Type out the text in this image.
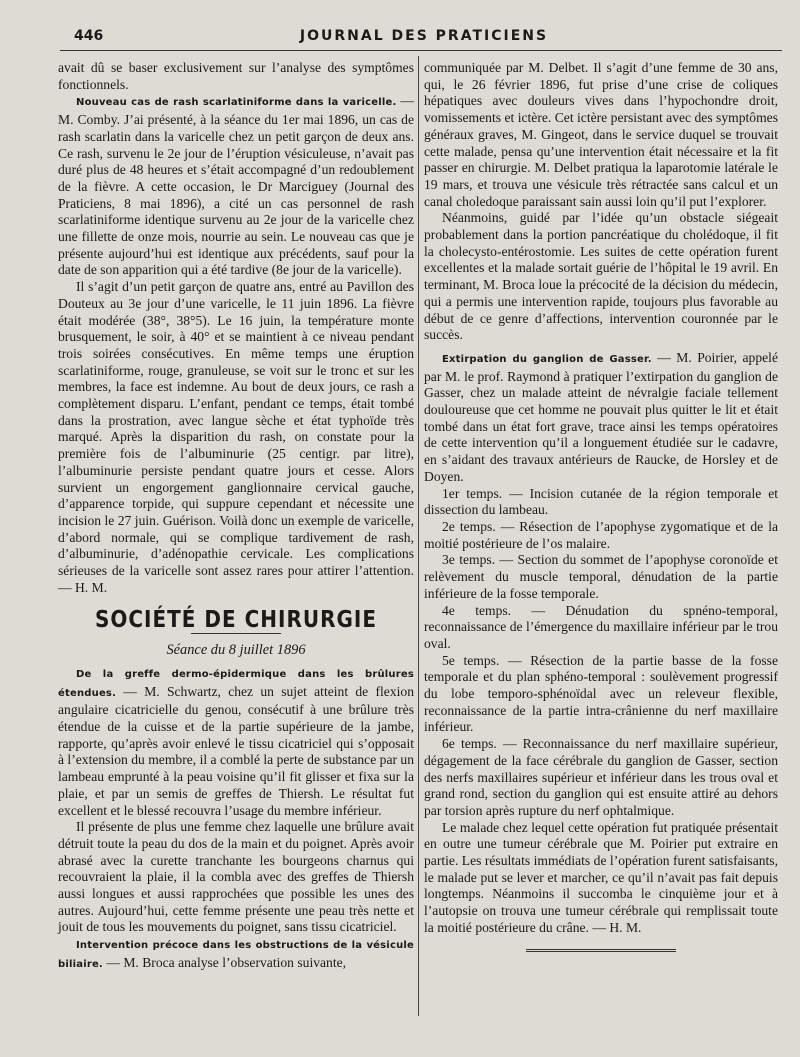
446	JOURNAL DES PRATICIENS

avait dû se baser exclusivement sur l’analyse des symptômes fonctionnels.

Nouveau cas de rash scarlatiniforme dans la varicelle. — M. Comby. J’ai présenté, à la séance du 1er mai 1896, un cas de rash scarlatin dans la varicelle chez un petit garçon de deux ans. Ce rash, survenu le 2e jour de l’éruption vésiculeuse, n’avait pas duré plus de 48 heures et s’était accompagné d’un redoublement de la fièvre. A cette occasion, le Dr Marciguey (Journal des Praticiens, 8 mai 1896), a cité un cas personnel de rash scarlatiniforme identique survenu au 2e jour de la varicelle chez une fillette de onze mois, nourrie au sein. Le nouveau cas que je présente aujourd’hui est identique aux précédents, sauf pour la date de son apparition qui a été tardive (8e jour de la varicelle).

Il s’agit d’un petit garçon de quatre ans, entré au Pavillon des Douteux au 3e jour d’une varicelle, le 11 juin 1896. La fièvre était modérée (38°, 38°5). Le 16 juin, la température monte brusquement, le soir, à 40° et se maintient à ce niveau pendant trois soirées consécutives. En même temps une éruption scarlatiniforme, rouge, granuleuse, se voit sur le tronc et sur les membres, la face est indemne. Au bout de deux jours, ce rash a complètement disparu. L’enfant, pendant ce temps, était tombé dans la prostration, avec langue sèche et état typhoïde très marqué. Après la disparition du rash, on constate pour la première fois de l’albuminurie (25 centigr. par litre), l’albuminurie persiste pendant quatre jours et cesse. Alors survient un engorgement ganglionnaire cervical gauche, d’apparence torpide, qui suppure cependant et nécessite une incision le 27 juin. Guérison. Voilà donc un exemple de varicelle, d’abord normale, qui se complique tardivement de rash, d’albuminurie, d’adénopathie cervicale. Les complications sérieuses de la varicelle sont assez rares pour attirer l’attention. — H. M.

SOCIÉTÉ DE CHIRURGIE
Séance du 8 juillet 1896

De la greffe dermo-épidermique dans les brûlures étendues. — M. Schwartz, chez un sujet atteint de flexion angulaire cicatricielle du genou, consécutif à une brûlure très étendue de la cuisse et de la partie supérieure de la jambe, rapporte, qu’après avoir enlevé le tissu cicatriciel qui s’opposait à l’extension du membre, il a comblé la perte de substance par un lambeau emprunté à la peau voisine qu’il fit glisser et fixa sur la plaie, et par un semis de greffes de Thiersh. Le résultat fut excellent et le blessé recouvra l’usage du membre inférieur.

Il présente de plus une femme chez laquelle une brûlure avait détruit toute la peau du dos de la main et du poignet. Après avoir abrasé avec la curette tranchante les bourgeons charnus qui recouvraient la plaie, il la combla avec des greffes de Thiersh aussi longues et aussi rapprochées que possible les unes des autres. Aujourd’hui, cette femme présente une peau très nette et jouit de tous les mouvements du poignet, sans tissu cicatriciel.

Intervention précoce dans les obstructions de la vésicule biliaire. — M. Broca analyse l’observation suivante,

communiquée par M. Delbet. Il s’agit d’une femme de 30 ans, qui, le 26 février 1896, fut prise d’une crise de coliques hépatiques avec douleurs vives dans l’hypochondre droit, vomissements et ictère. Cet ictère persistant avec des symptômes généraux graves, M. Gingeot, dans le service duquel se trouvait cette malade, pensa qu’une intervention était nécessaire et la fit passer en chirurgie. M. Delbet pratiqua la laparotomie latérale le 19 mars, et trouva une vésicule très rétractée sans calcul et un canal choledoque paraissant sain aussi loin qu’il put l’explorer.

Néanmoins, guidé par l’idée qu’un obstacle siégeait probablement dans la portion pancréatique du cholédoque, il fit la cholecysto-entérostomie. Les suites de cette opération furent excellentes et la malade sortait guérie de l’hôpital le 19 avril. En terminant, M. Broca loue la précocité de la décision du médecin, qui a permis une intervention rapide, toujours plus favorable au début de ce genre d’affections, intervention couronnée par le succès.

Extirpation du ganglion de Gasser. — M. Poirier, appelé par M. le prof. Raymond à pratiquer l’extirpation du ganglion de Gasser, chez un malade atteint de névralgie faciale tellement douloureuse que cet homme ne pouvait plus quitter le lit et était tombé dans un état fort grave, trace ainsi les temps opératoires de cette intervention qu’il a longuement étudiée sur le cadavre, en s’aidant des travaux antérieurs de Raucke, de Horsley et de Doyen.

1er temps. — Incision cutanée de la région temporale et dissection du lambeau.

2e temps. — Résection de l’apophyse zygomatique et de la moitié postérieure de l’os malaire.

3e temps. — Section du sommet de l’apophyse coronoïde et relèvement du muscle temporal, dénudation de la partie inférieure de la fosse temporale.

4e temps. — Dénudation du spnéno-temporal, reconnaissance de l’émergence du maxillaire inférieur par le trou oval.

5e temps. — Résection de la partie basse de la fosse temporale et du plan sphéno-temporal : soulèvement progressif du lobe temporo-sphénoïdal avec un releveur flexible, reconnaissance de la partie intra-crânienne du nerf maxillaire inférieur.

6e temps. — Reconnaissance du nerf maxillaire supérieur, dégagement de la face cérébrale du ganglion de Gasser, section des nerfs maxillaires supérieur et inférieur dans les trous oval et grand rond, section du ganglion qui est ensuite attiré au dehors par torsion après rupture du nerf ophtalmique.

Le malade chez lequel cette opération fut pratiquée présentait en outre une tumeur cérébrale que M. Poirier put extraire en partie. Les résultats immédiats de l’opération furent satisfaisants, le malade put se lever et marcher, ce qu’il n’avait pas fait depuis longtemps. Néanmoins il succomba le cinquième jour et à l’autopsie on trouva une tumeur cérébrale qui remplissait toute la moitié postérieure du crâne. — H. M.
